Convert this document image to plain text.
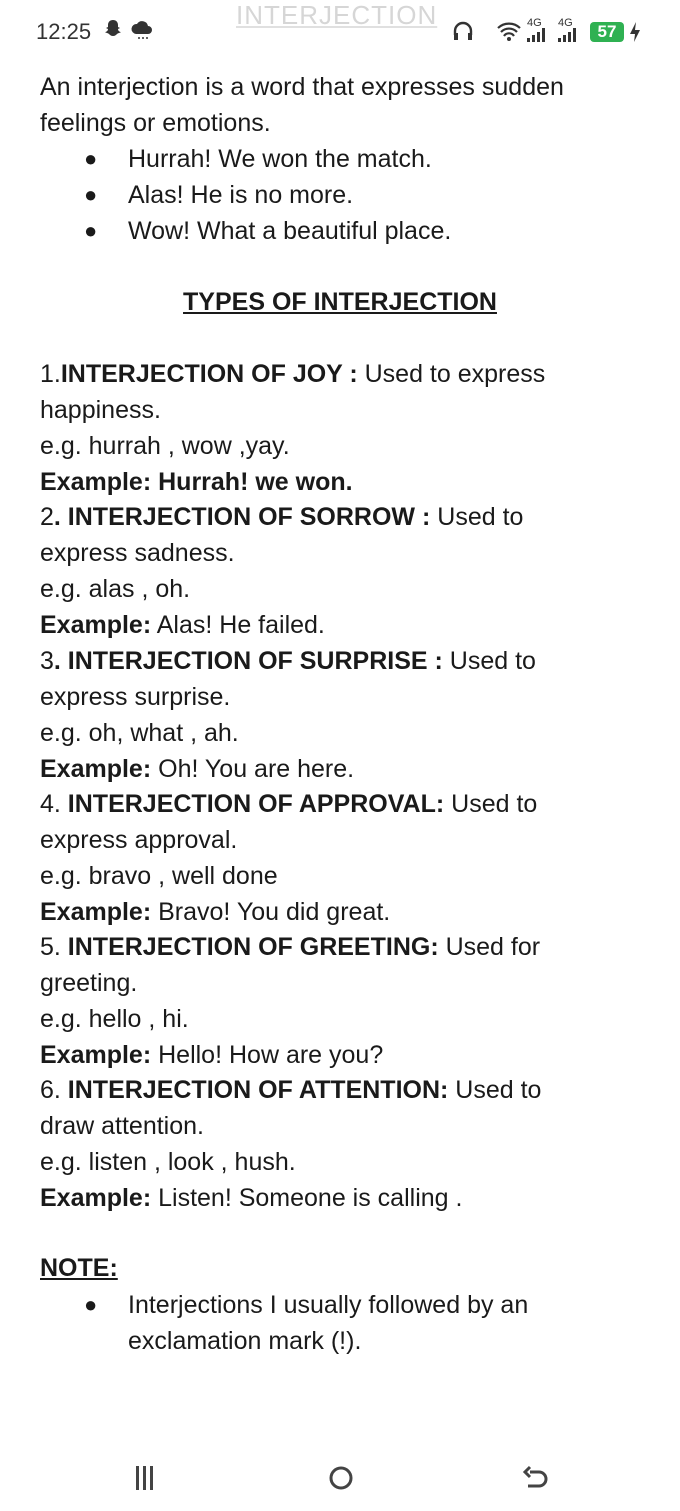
12:25
INTERJECTION	4G 4G	57
An interjection is a word that expresses sudden
feelings or emotions.
● Hurrah! We won the match.
● Alas! He is no more.
● Wow! What a beautiful place.
TYPES OF INTERJECTION
1.INTERJECTION OF JOY : Used to express
happiness.
e.g. hurrah , wow ,yay.
Example: Hurrah! we won.
2. INTERJECTION OF SORROW : Used to
express sadness.
e.g. alas , oh.
Example: Alas! He failed.
3. INTERJECTION OF SURPRISE : Used to
express surprise.
e.g. oh, what , ah.
Example: Oh! You are here.
4. INTERJECTION OF APPROVAL: Used to
express approval.
e.g. bravo , well done
Example: Bravo! You did great.
5. INTERJECTION OF GREETING: Used for
greeting.
e.g. hello , hi.
Example: Hello! How are you?
6. INTERJECTION OF ATTENTION: Used to
draw attention.
e.g. listen , look , hush.
Example: Listen! Someone is calling .
NOTE:
● Interjections I usually followed by an
exclamation mark (!).
